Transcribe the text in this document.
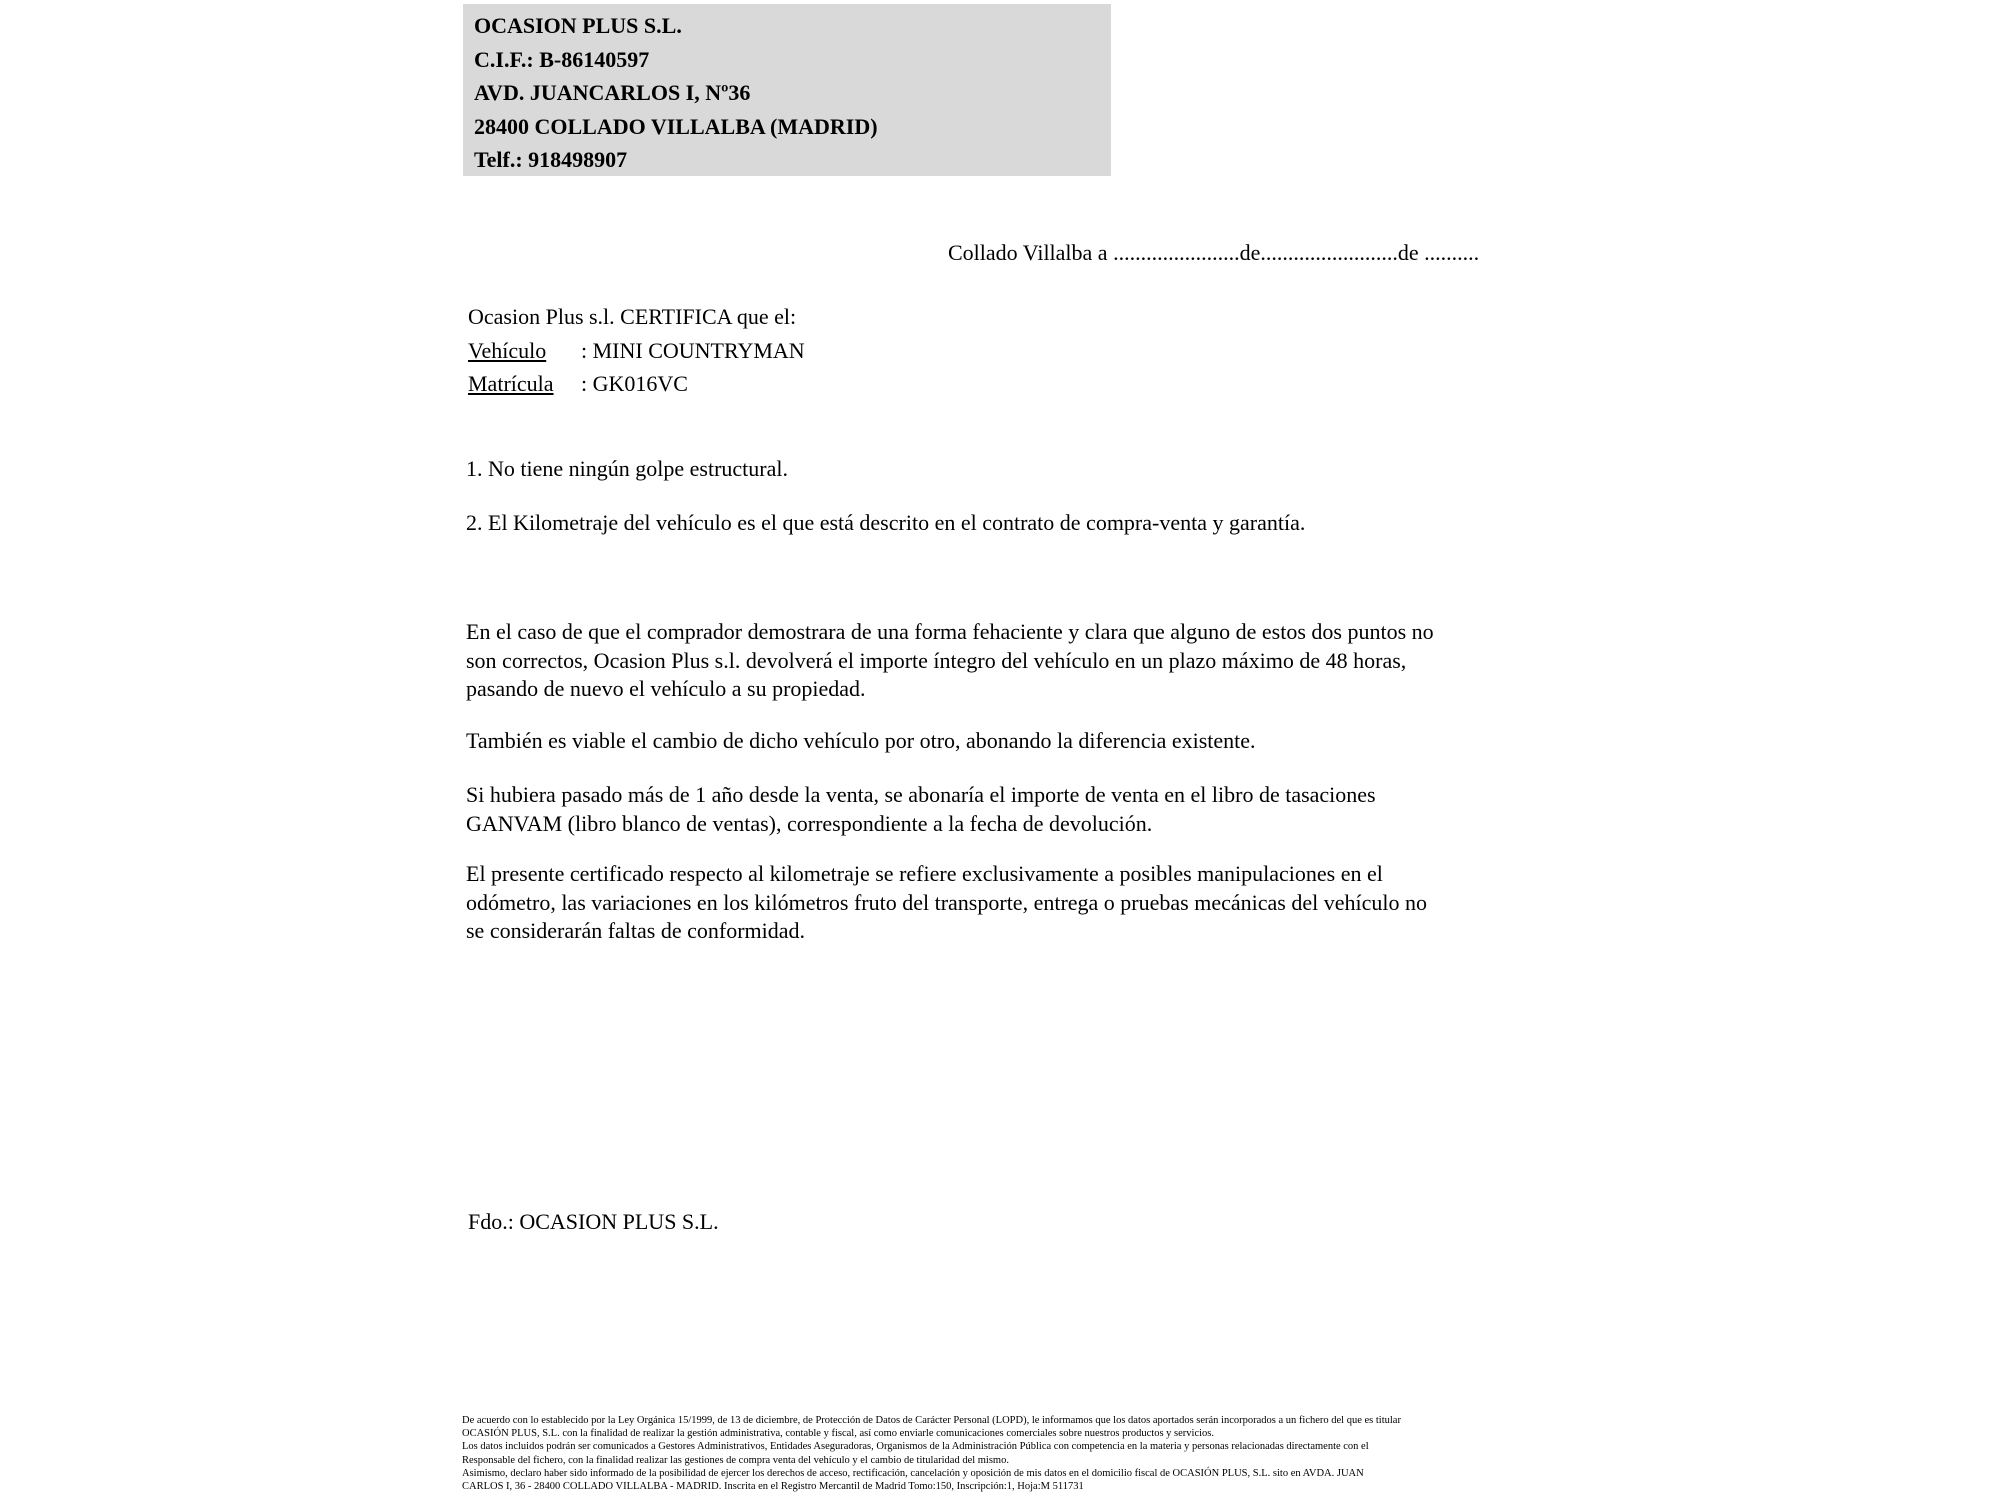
OCASION PLUS S.L.
C.I.F.: B-86140597
AVD. JUANCARLOS I, Nº36
28400 COLLADO VILLALBA (MADRID)
Telf.: 918498907
Collado Villalba a .......................de.........................de ..........
Ocasion Plus s.l. CERTIFICA que el:
Vehículo : MINI COUNTRYMAN
Matrícula : GK016VC
1. No tiene ningún golpe estructural.
2. El Kilometraje del vehículo es el que está descrito en el contrato de compra-venta y garantía.
En el caso de que el comprador demostrara de una forma fehaciente y clara que alguno de estos dos puntos no
son correctos, Ocasion Plus s.l. devolverá el importe íntegro del vehículo en un plazo máximo de 48 horas,
pasando de nuevo el vehículo a su propiedad.
También es viable el cambio de dicho vehículo por otro, abonando la diferencia existente.
Si hubiera pasado más de 1 año desde la venta, se abonaría el importe de venta en el libro de tasaciones
GANVAM (libro blanco de ventas), correspondiente a la fecha de devolución.
El presente certificado respecto al kilometraje se refiere exclusivamente a posibles manipulaciones en el
odómetro, las variaciones en los kilómetros fruto del transporte, entrega o pruebas mecánicas del vehículo no
se considerarán faltas de conformidad.
Fdo.: OCASION PLUS S.L.
De acuerdo con lo establecido por la Ley Orgánica 15/1999, de 13 de diciembre, de Protección de Datos de Carácter Personal (LOPD), le informamos que los datos aportados serán incorporados a un fichero del que es titular
OCASIÓN PLUS, S.L. con la finalidad de realizar la gestión administrativa, contable y fiscal, así como enviarle comunicaciones comerciales sobre nuestros productos y servicios.
Los datos incluidos podrán ser comunicados a Gestores Administrativos, Entidades Aseguradoras, Organismos de la Administración Pública con competencia en la materia y personas relacionadas directamente con el
Responsable del fichero, con la finalidad realizar las gestiones de compra venta del vehículo y el cambio de titularidad del mismo.
Asimismo, declaro haber sido informado de la posibilidad de ejercer los derechos de acceso, rectificación, cancelación y oposición de mis datos en el domicilio fiscal de OCASIÓN PLUS, S.L. sito en AVDA. JUAN
CARLOS I, 36 - 28400 COLLADO VILLALBA - MADRID. Inscrita en el Registro Mercantil de Madrid Tomo:150, Inscripción:1, Hoja:M 511731
